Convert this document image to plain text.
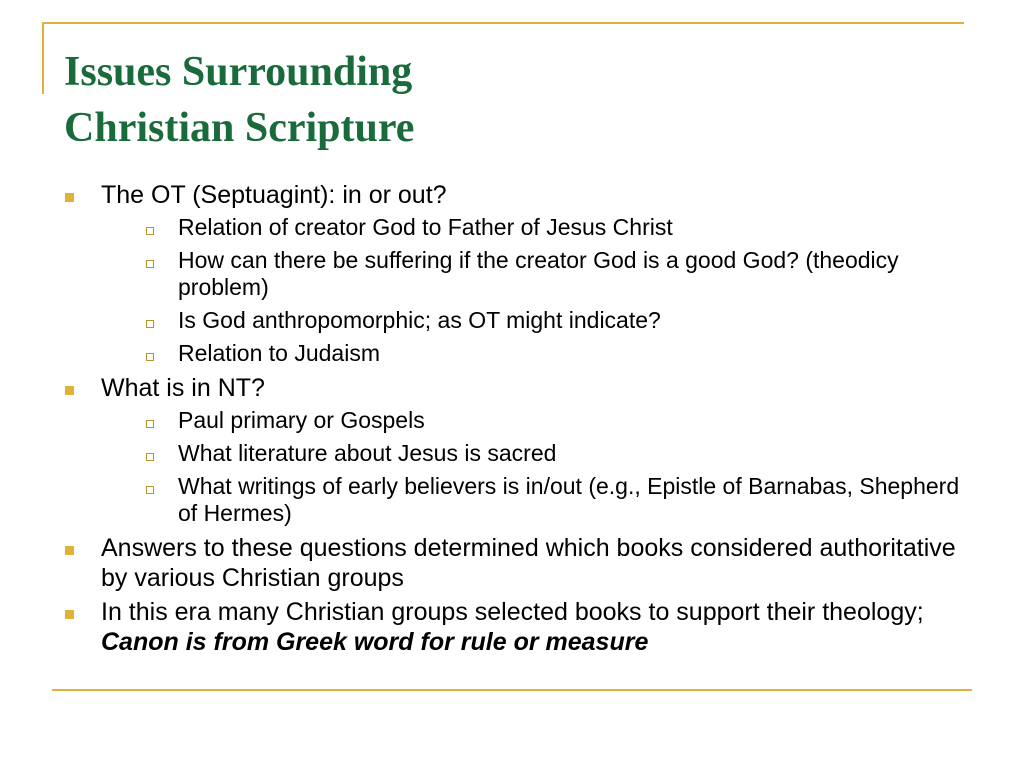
Issues Surrounding
Christian Scripture
The OT (Septuagint): in or out?
Relation of creator God to Father of Jesus Christ
How can there be suffering if the creator God is a good God? (theodicy problem)
Is God anthropomorphic; as OT might indicate?
Relation to Judaism
What is in NT?
Paul primary or Gospels
What literature about Jesus is sacred
What writings of early believers is in/out (e.g., Epistle of Barnabas, Shepherd of Hermes)
Answers to these questions determined which books considered authoritative by various Christian groups
In this era many Christian groups selected books to support their theology; Canon is from Greek word for rule or measure
